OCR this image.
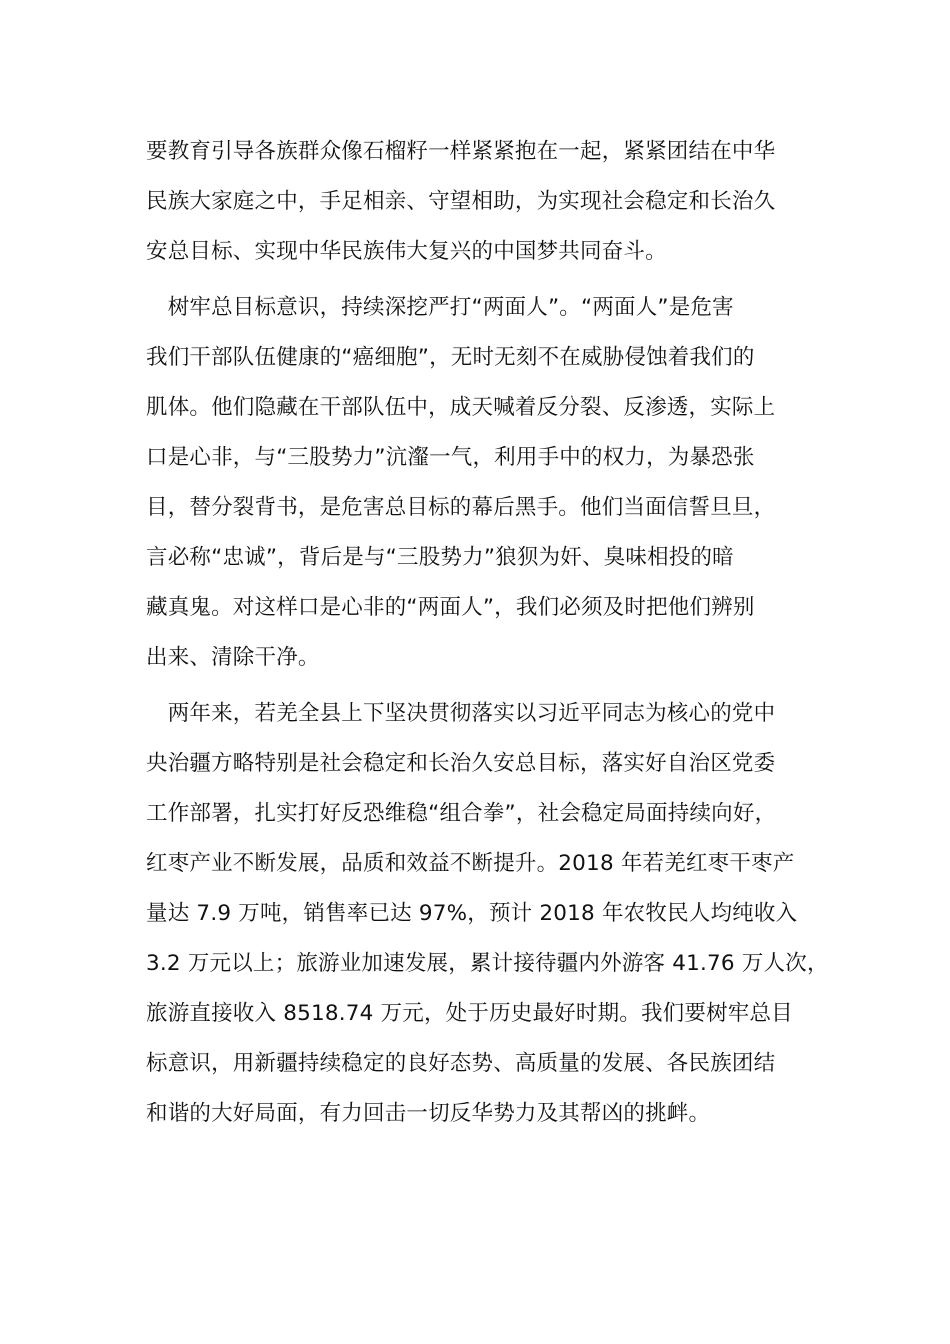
要教育引导各族群众像石榴籽一样紧紧抱在一起，紧紧团结在中华
民族大家庭之中，手足相亲、守望相助，为实现社会稳定和长治久
安总目标、实现中华民族伟大复兴的中国梦共同奋斗。
　树牢总目标意识，持续深挖严打“两面人”。“两面人”是危害
我们干部队伍健康的“癌细胞”，无时无刻不在威胁侵蚀着我们的
肌体。他们隐藏在干部队伍中，成天喊着反分裂、反渗透，实际上
口是心非，与“三股势力”沆瀣一气，利用手中的权力，为暴恐张
目，替分裂背书，是危害总目标的幕后黑手。他们当面信誓旦旦，
言必称“忠诚”，背后是与“三股势力”狼狈为奸、臭味相投的暗
藏真鬼。对这样口是心非的“两面人”，我们必须及时把他们辨别
出来、清除干净。
　两年来，若羌全县上下坚决贯彻落实以习近平同志为核心的党中
央治疆方略特别是社会稳定和长治久安总目标，落实好自治区党委
工作部署，扎实打好反恐维稳“组合拳”，社会稳定局面持续向好，
红枣产业不断发展，品质和效益不断提升。2018 年若羌红枣干枣产
量达 7.9 万吨，销售率已达 97%，预计 2018 年农牧民人均纯收入
3.2 万元以上；旅游业加速发展，累计接待疆内外游客 41.76 万人次，
旅游直接收入 8518.74 万元，处于历史最好时期。我们要树牢总目
标意识，用新疆持续稳定的良好态势、高质量的发展、各民族团结
和谐的大好局面，有力回击一切反华势力及其帮凶的挑衅。
